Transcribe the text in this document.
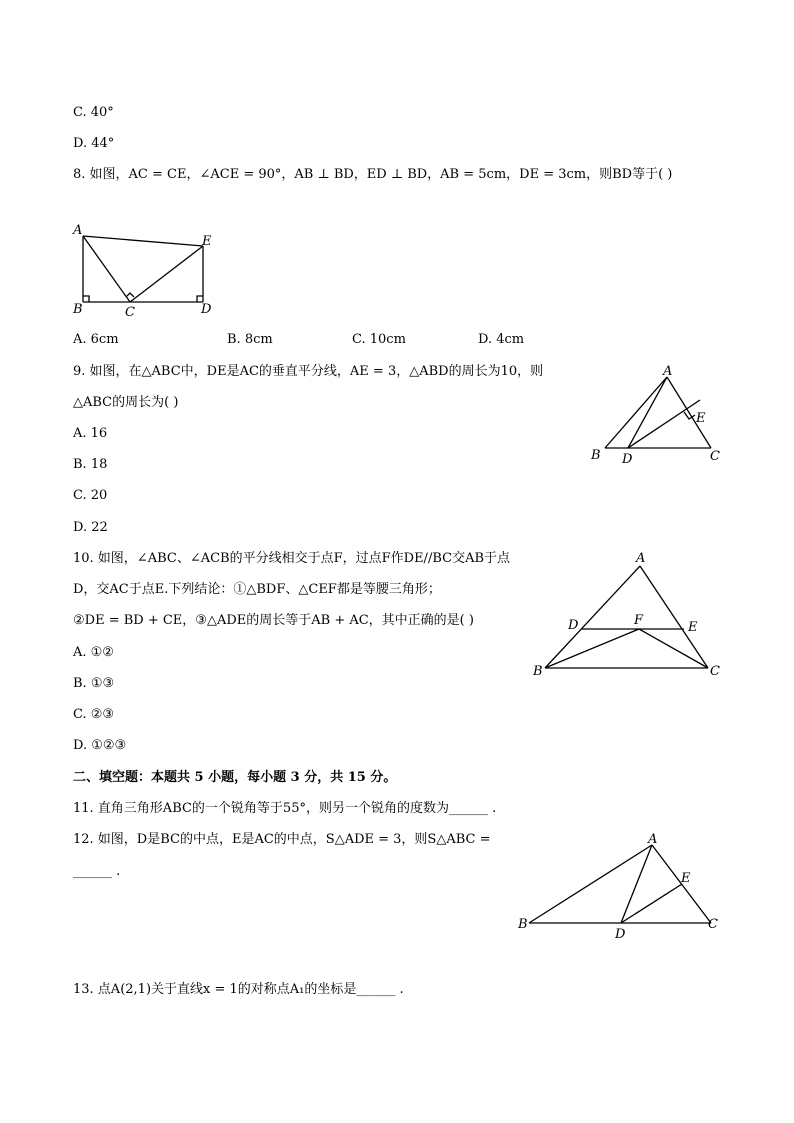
C. 40°
D. 44°
8. 如图，AC = CE，∠ACE = 90°，AB ⊥ BD，ED ⊥ BD，AB = 5cm，DE = 3cm，则BD等于( )
A
B	C	D
E
A. 6cm	B. 8cm	C. 10cm	D. 4cm
9. 如图，在△ABC中，DE是AC的垂直平分线，AE = 3，△ABD的周长为10，则
△ABC的周长为( )
A. 16
B. 18
C. 20
D. 22
A
B D	C
E
10. 如图，∠ABC、∠ACB的平分线相交于点F，过点F作DE//BC交AB于点
D，交AC于点E.下列结论：①△BDF、△CEF都是等腰三角形；
②DE = BD + CE，③△ADE的周长等于AB + AC，其中正确的是( )
A. ①②
B. ①③
C. ②③
D. ①②③
A
B	C
D	F	E
二、填空题：本题共 5 小题，每小题 3 分，共 15 分。
11. 直角三角形ABC的一个锐角等于55°，则另一个锐角的度数为______ .
12. 如图，D是BC的中点，E是AC的中点，S△ADE = 3，则S△ABC =
______ .
A
B
D
C
E
13. 点A(2,1)关于直线x = 1的对称点A₁的坐标是______ .
